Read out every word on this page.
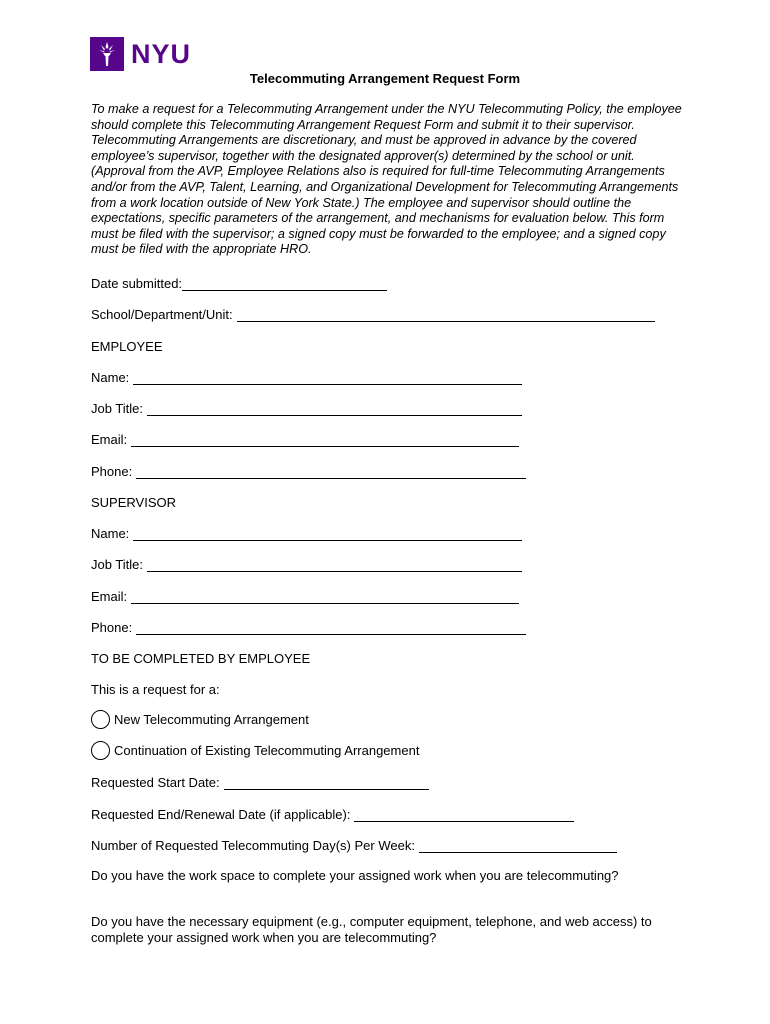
NYU
Telecommuting Arrangement Request Form

To make a request for a Telecommuting Arrangement under the NYU Telecommuting Policy, the employee should complete this Telecommuting Arrangement Request Form and submit it to their supervisor. Telecommuting Arrangements are discretionary, and must be approved in advance by the covered employee’s supervisor, together with the designated approver(s) determined by the school or unit. (Approval from the AVP, Employee Relations also is required for full-time Telecommuting Arrangements and/or from the AVP, Talent, Learning, and Organizational Development for Telecommuting Arrangements from a work location outside of New York State.) The employee and supervisor should outline the expectations, specific parameters of the arrangement, and mechanisms for evaluation below. This form must be filed with the supervisor; a signed copy must be forwarded to the employee; and a signed copy must be filed with the appropriate HRO.

Date submitted:
School/Department/Unit:
EMPLOYEE
Name:
Job Title:
Email:
Phone:
SUPERVISOR
Name:
Job Title:
Email:
Phone:
TO BE COMPLETED BY EMPLOYEE
This is a request for a:
New Telecommuting Arrangement
Continuation of Existing Telecommuting Arrangement
Requested Start Date:
Requested End/Renewal Date (if applicable):
Number of Requested Telecommuting Day(s) Per Week:
Do you have the work space to complete your assigned work when you are telecommuting?
Do you have the necessary equipment (e.g., computer equipment, telephone, and web access) to complete your assigned work when you are telecommuting?
